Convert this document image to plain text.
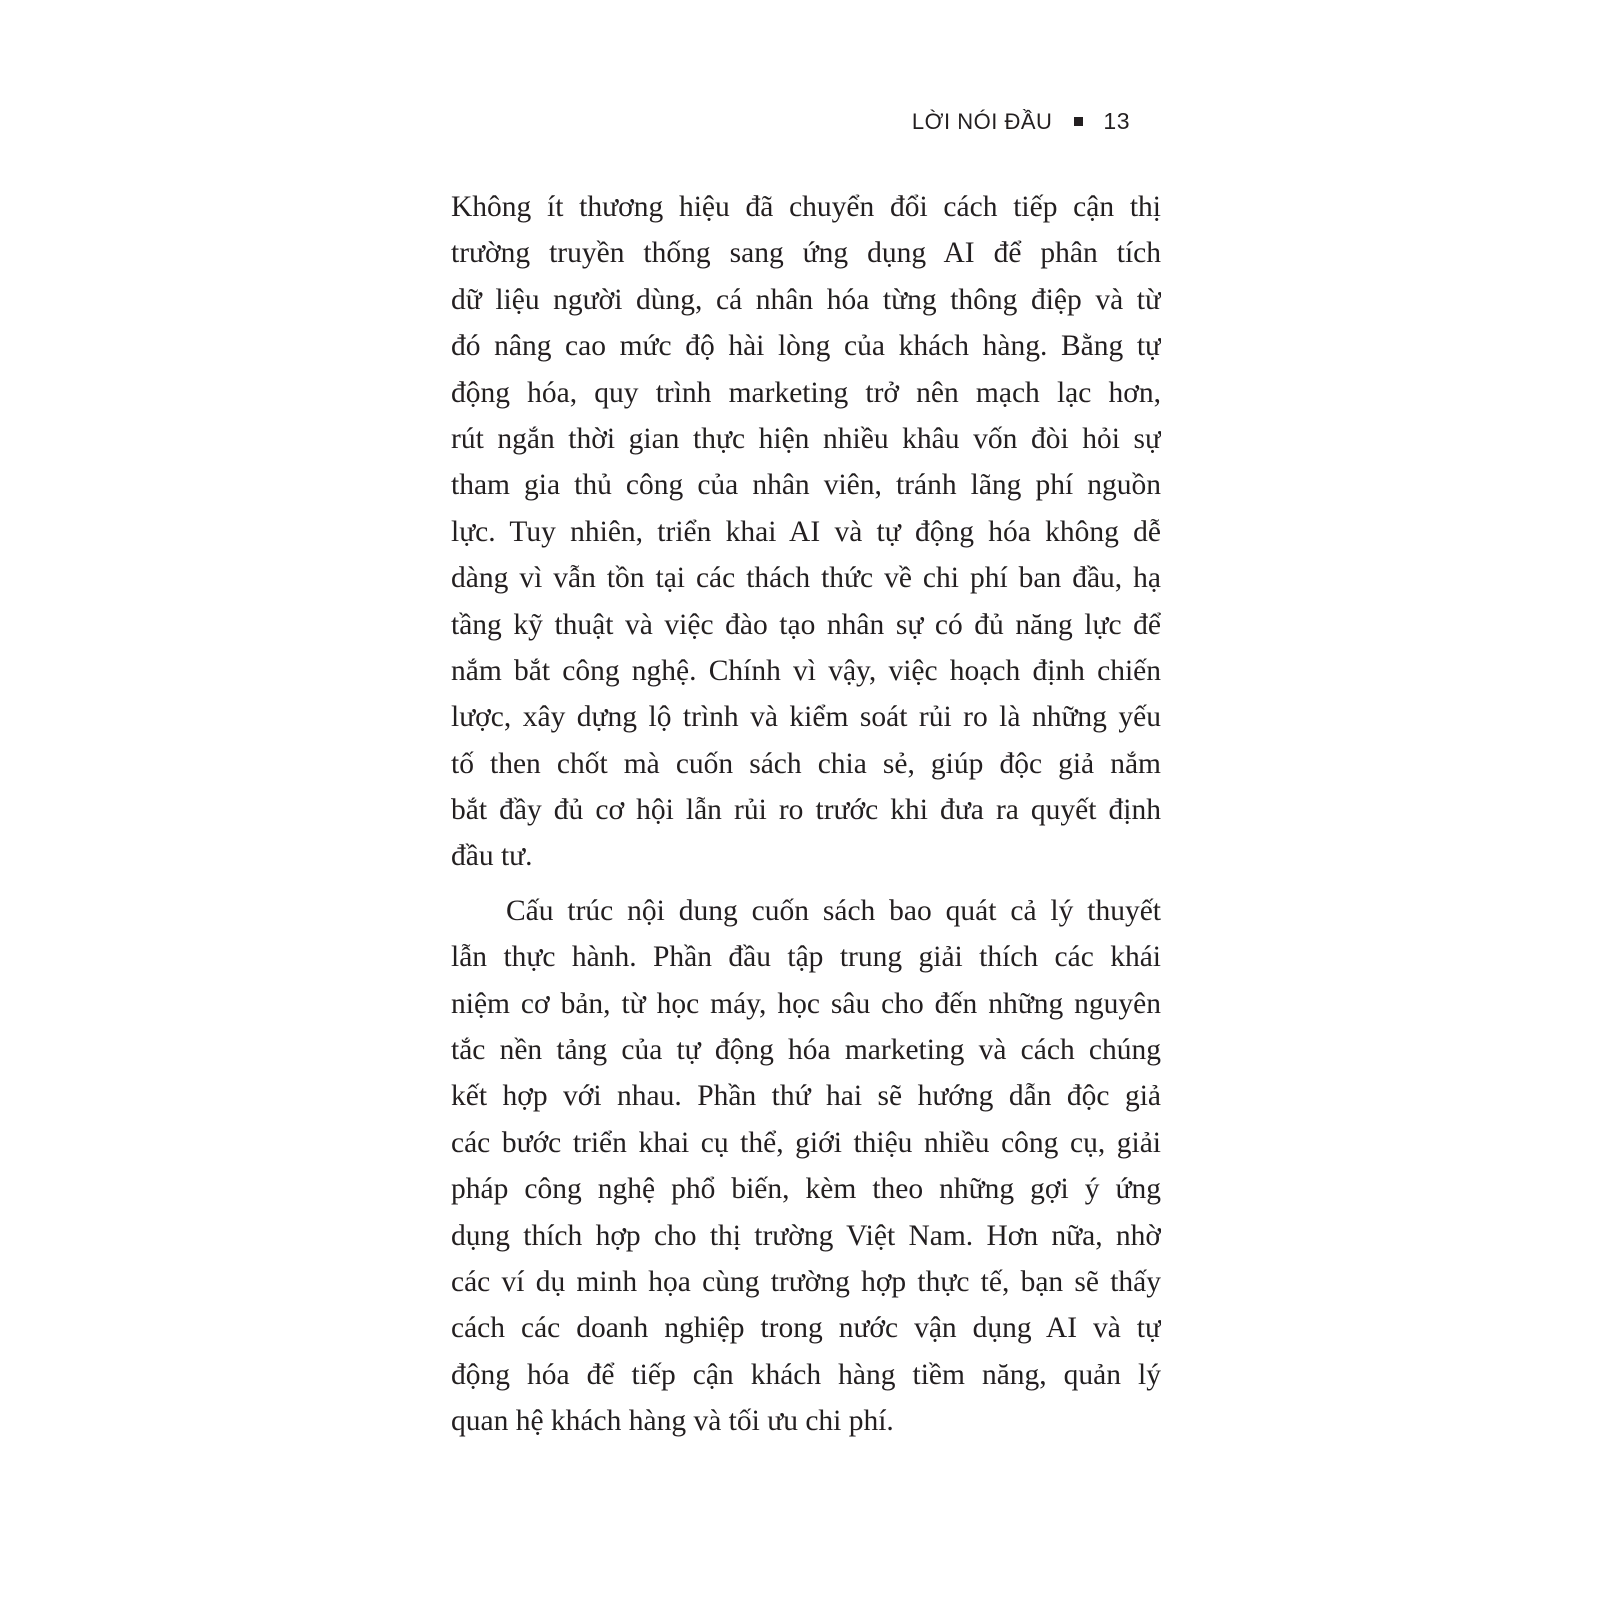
LỜI NÓI ĐẦU 13
Không ít thương hiệu đã chuyển đổi cách tiếp cận thị
trường truyền thống sang ứng dụng AI để phân tích
dữ liệu người dùng, cá nhân hóa từng thông điệp và từ
đó nâng cao mức độ hài lòng của khách hàng. Bằng tự
động hóa, quy trình marketing trở nên mạch lạc hơn,
rút ngắn thời gian thực hiện nhiều khâu vốn đòi hỏi sự
tham gia thủ công của nhân viên, tránh lãng phí nguồn
lực. Tuy nhiên, triển khai AI và tự động hóa không dễ
dàng vì vẫn tồn tại các thách thức về chi phí ban đầu, hạ
tầng kỹ thuật và việc đào tạo nhân sự có đủ năng lực để
nắm bắt công nghệ. Chính vì vậy, việc hoạch định chiến
lược, xây dựng lộ trình và kiểm soát rủi ro là những yếu
tố then chốt mà cuốn sách chia sẻ, giúp độc giả nắm
bắt đầy đủ cơ hội lẫn rủi ro trước khi đưa ra quyết định
đầu tư.
Cấu trúc nội dung cuốn sách bao quát cả lý thuyết
lẫn thực hành. Phần đầu tập trung giải thích các khái
niệm cơ bản, từ học máy, học sâu cho đến những nguyên
tắc nền tảng của tự động hóa marketing và cách chúng
kết hợp với nhau. Phần thứ hai sẽ hướng dẫn độc giả
các bước triển khai cụ thể, giới thiệu nhiều công cụ, giải
pháp công nghệ phổ biến, kèm theo những gợi ý ứng
dụng thích hợp cho thị trường Việt Nam. Hơn nữa, nhờ
các ví dụ minh họa cùng trường hợp thực tế, bạn sẽ thấy
cách các doanh nghiệp trong nước vận dụng AI và tự
động hóa để tiếp cận khách hàng tiềm năng, quản lý
quan hệ khách hàng và tối ưu chi phí.
